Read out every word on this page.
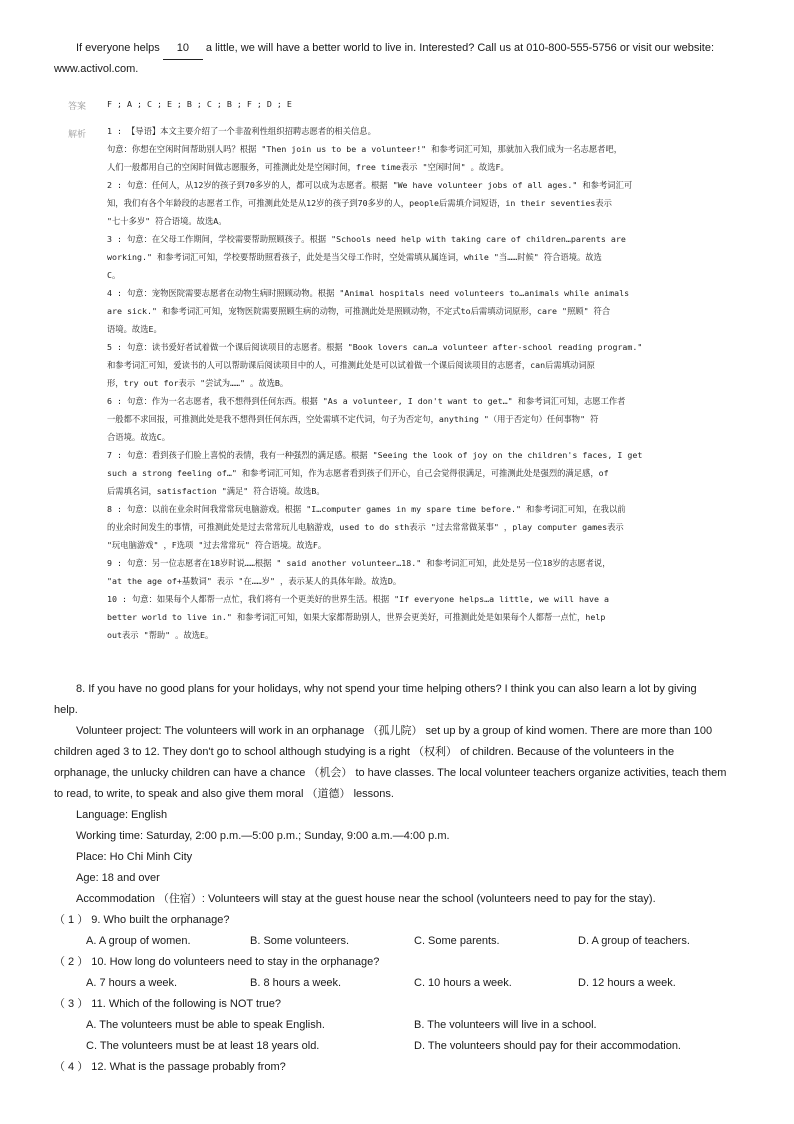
If everyone helps 10 a little, we will have a better world to live in. Interested? Call us at 010-800-555-5756 or visit our website:
www.activol.com.
答案	F ; A ; C ; E ; B ; C ; B ; F ; D ; E
解析	1 : 【导语】本文主要介绍了一个非盈利性组织招聘志愿者的相关信息。
句意：你想在空闲时间帮助别人吗？根据 "Then join us to be a volunteer!" 和参考词汇可知，那就加入我们成为一名志愿者吧，
人们一般都用自己的空闲时间做志愿服务，可推测此处是空闲时间，free time表示 "空闲时间" 。故选F。
2 : 句意：任何人，从12岁的孩子到70多岁的人，都可以成为志愿者。根据 "We have volunteer jobs of all ages." 和参考词汇可
知，我们有各个年龄段的志愿者工作，可推测此处是从12岁的孩子到70多岁的人，people后需填介词短语，in their seventies表示
"七十多岁" 符合语境。故选A。
3 : 句意：在父母工作期间，学校需要帮助照顾孩子。根据 "Schools need help with taking care of children…parents are
working." 和参考词汇可知，学校要帮助照看孩子，此处是当父母工作时，空处需填从属连词，while "当……时候" 符合语境。故选
C。
4 : 句意：宠物医院需要志愿者在动物生病时照顾动物。根据 "Animal hospitals need volunteers to…animals while animals
are sick." 和参考词汇可知，宠物医院需要照顾生病的动物，可推测此处是照顾动物，不定式to后需填动词原形，care "照顾" 符合
语境。故选E。
5 : 句意：读书爱好者试着做一个课后阅读项目的志愿者。根据 "Book lovers can…a volunteer after-school reading program."
和参考词汇可知，爱读书的人可以帮助课后阅读项目中的人，可推测此处是可以试着做一个课后阅读项目的志愿者，can后需填动词原
形，try out for表示 "尝试为……" 。故选B。
6 : 句意：作为一名志愿者，我不想得到任何东西。根据 "As a volunteer, I don't want to get…" 和参考词汇可知，志愿工作者
一般都不求回报，可推测此处是我不想得到任何东西，空处需填不定代词，句子为否定句，anything "（用于否定句）任何事物" 符
合语境。故选C。
7 : 句意：看到孩子们脸上喜悦的表情，我有一种强烈的满足感。根据 "Seeing the look of joy on the children's faces, I get
such a strong feeling of…" 和参考词汇可知，作为志愿者看到孩子们开心，自己会觉得很满足，可推测此处是强烈的满足感，of
后需填名词，satisfaction "满足" 符合语境。故选B。
8 : 句意：以前在业余时间我常常玩电脑游戏。根据 "I…computer games in my spare time before." 和参考词汇可知，在我以前
的业余时间发生的事情，可推测此处是过去常常玩儿电脑游戏，used to do sth表示 "过去常常做某事" ，play computer games表示
"玩电脑游戏" ，F选项 "过去常常玩" 符合语境。故选F。
9 : 句意：另一位志愿者在18岁时说……根据 " said another volunteer…18." 和参考词汇可知，此处是另一位18岁的志愿者说，
"at the age of+基数词" 表示 "在……岁" ，表示某人的具体年龄。故选D。
10 : 句意：如果每个人都帮一点忙，我们将有一个更美好的世界生活。根据 "If everyone helps…a little, we will have a
better world to live in." 和参考词汇可知，如果大家都帮助别人，世界会更美好，可推测此处是如果每个人都帮一点忙，help
out表示 "帮助" 。故选E。
8. If you have no good plans for your holidays, why not spend your time helping others? I think you can also learn a lot by giving
help.
Volunteer project: The volunteers will work in an orphanage （孤儿院） set up by a group of kind women. There are more than 100
children aged 3 to 12. They don't go to school although studying is a right （权利） of children. Because of the volunteers in the
orphanage, the unlucky children can have a chance （机会） to have classes. The local volunteer teachers organize activities, teach them
to read, to write, to speak and also give them moral （道德） lessons.
Language: English
Working time: Saturday, 2:00 p.m.—5:00 p.m.; Sunday, 9:00 a.m.—4:00 p.m.
Place: Ho Chi Minh City
Age: 18 and over
Accommodation （住宿）: Volunteers will stay at the guest house near the school (volunteers need to pay for the stay).
（ 1 ） 9. Who built the orphanage?
A. A group of women.	B. Some volunteers.	C. Some parents.	D. A group of teachers.
（ 2 ） 10. How long do volunteers need to stay in the orphanage?
A. 7 hours a week.	B. 8 hours a week.	C. 10 hours a week.	D. 12 hours a week.
（ 3 ） 11. Which of the following is NOT true?
A. The volunteers must be able to speak English.	B. The volunteers will live in a school.
C. The volunteers must be at least 18 years old.	D. The volunteers should pay for their accommodation.
（ 4 ） 12. What is the passage probably from?
